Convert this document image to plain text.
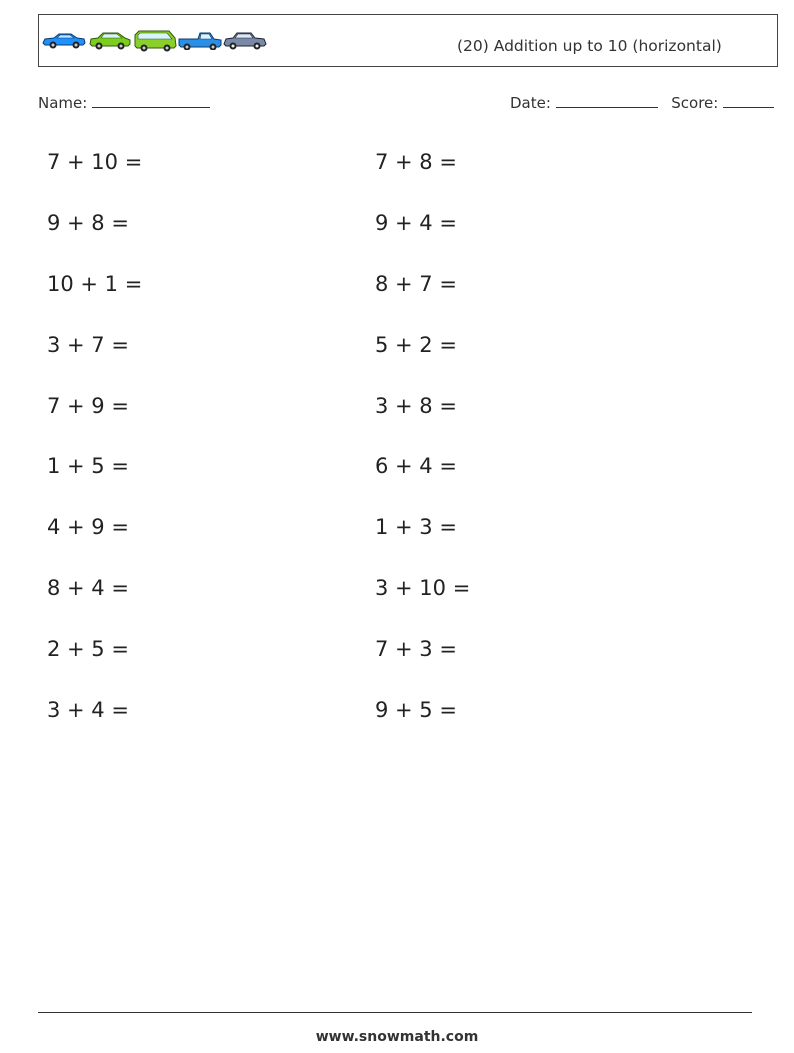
(20) Addition up to 10 (horizontal)
Name:	Date:	Score:
7 + 10 =	7 + 8 =
9 + 8 =	9 + 4 =
10 + 1 =	8 + 7 =
3 + 7 =	5 + 2 =
7 + 9 =	3 + 8 =
1 + 5 =	6 + 4 =
4 + 9 =	1 + 3 =
8 + 4 =	3 + 10 =
2 + 5 =	7 + 3 =
3 + 4 =	9 + 5 =
www.snowmath.com
